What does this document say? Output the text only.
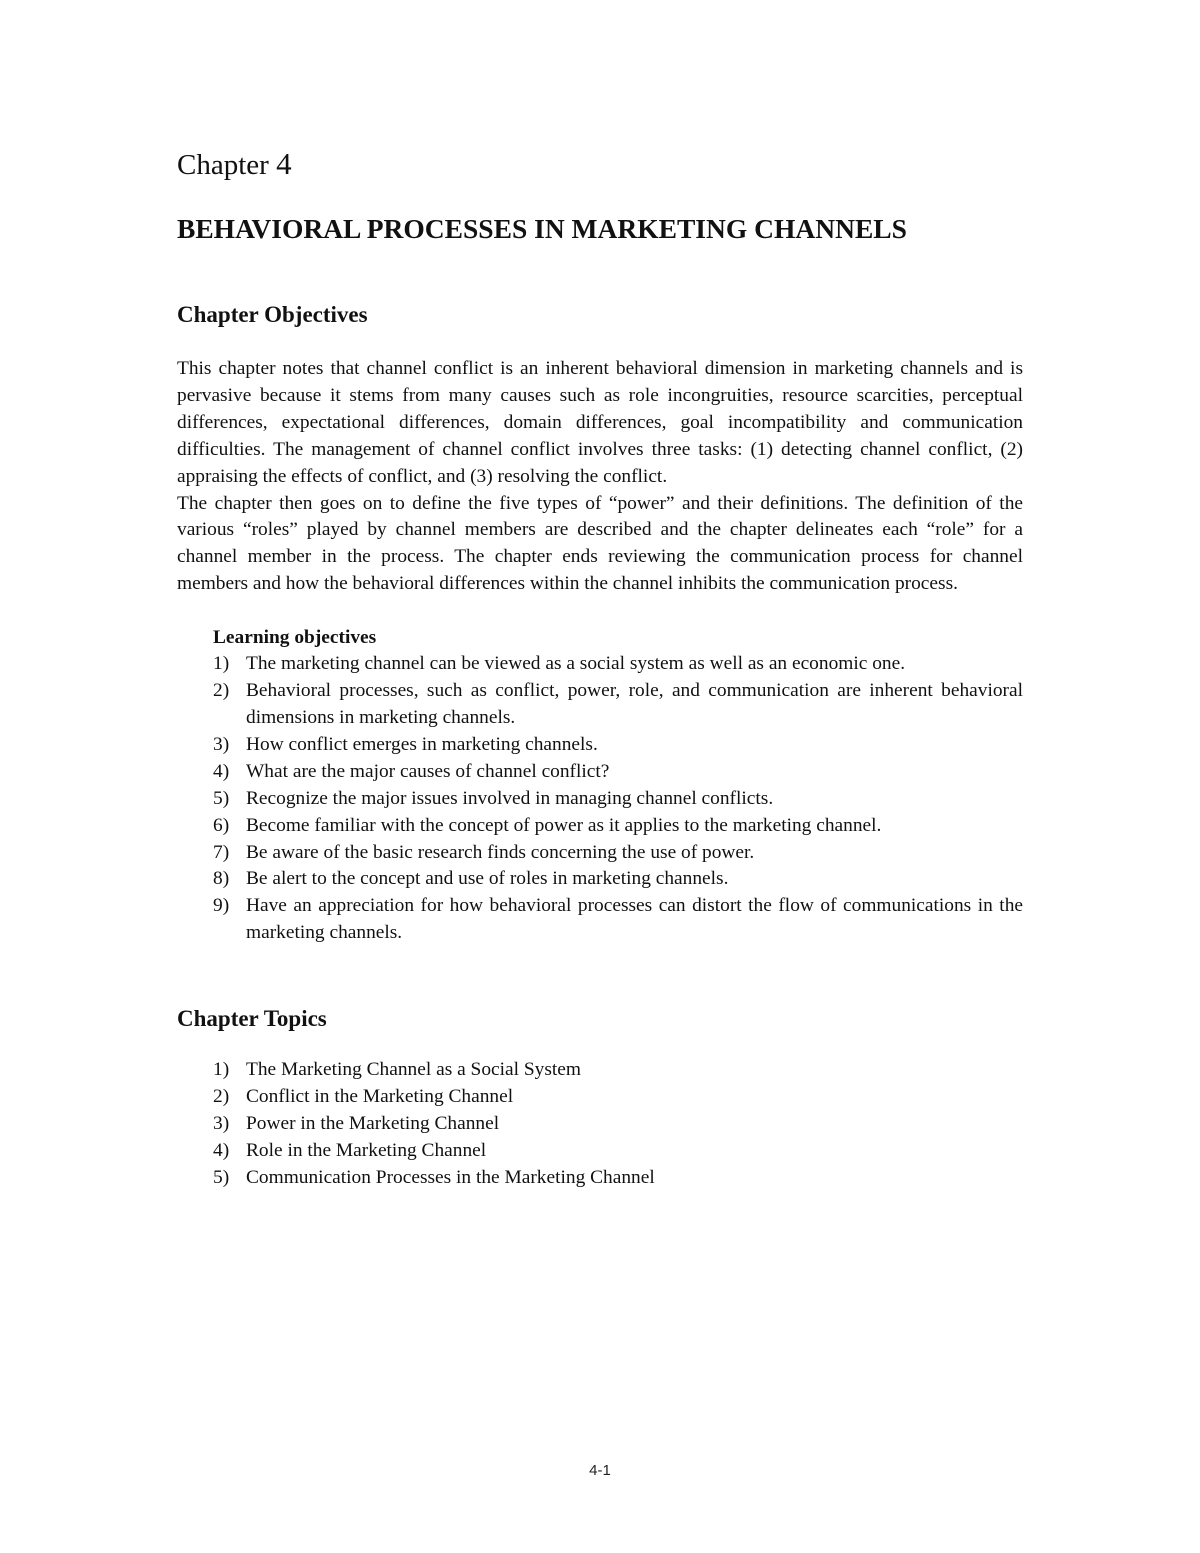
Chapter 4
BEHAVIORAL PROCESSES IN MARKETING CHANNELS
Chapter Objectives

This chapter notes that channel conflict is an inherent behavioral dimension in marketing channels and is pervasive because it stems from many causes such as role incongruities, resource scarcities, perceptual differences, expectational differences, domain differences, goal incompatibility and communication difficulties. The management of channel conflict involves three tasks: (1) detecting channel conflict, (2) appraising the effects of conflict, and (3) resolving the conflict.

The chapter then goes on to define the five types of “power” and their definitions. The definition of the various “roles” played by channel members are described and the chapter delineates each “role” for a channel member in the process. The chapter ends reviewing the communication process for channel members and how the behavioral differences within the channel inhibits the communication process.

Learning objectives
1) The marketing channel can be viewed as a social system as well as an economic one.
2) Behavioral processes, such as conflict, power, role, and communication are inherent behavioral dimensions in marketing channels.
3) How conflict emerges in marketing channels.
4) What are the major causes of channel conflict?
5) Recognize the major issues involved in managing channel conflicts.
6) Become familiar with the concept of power as it applies to the marketing channel.
7) Be aware of the basic research finds concerning the use of power.
8) Be alert to the concept and use of roles in marketing channels.
9) Have an appreciation for how behavioral processes can distort the flow of communications in the marketing channels.
Chapter Topics
1) The Marketing Channel as a Social System
2) Conflict in the Marketing Channel
3) Power in the Marketing Channel
4) Role in the Marketing Channel
5) Communication Processes in the Marketing Channel
4-1
